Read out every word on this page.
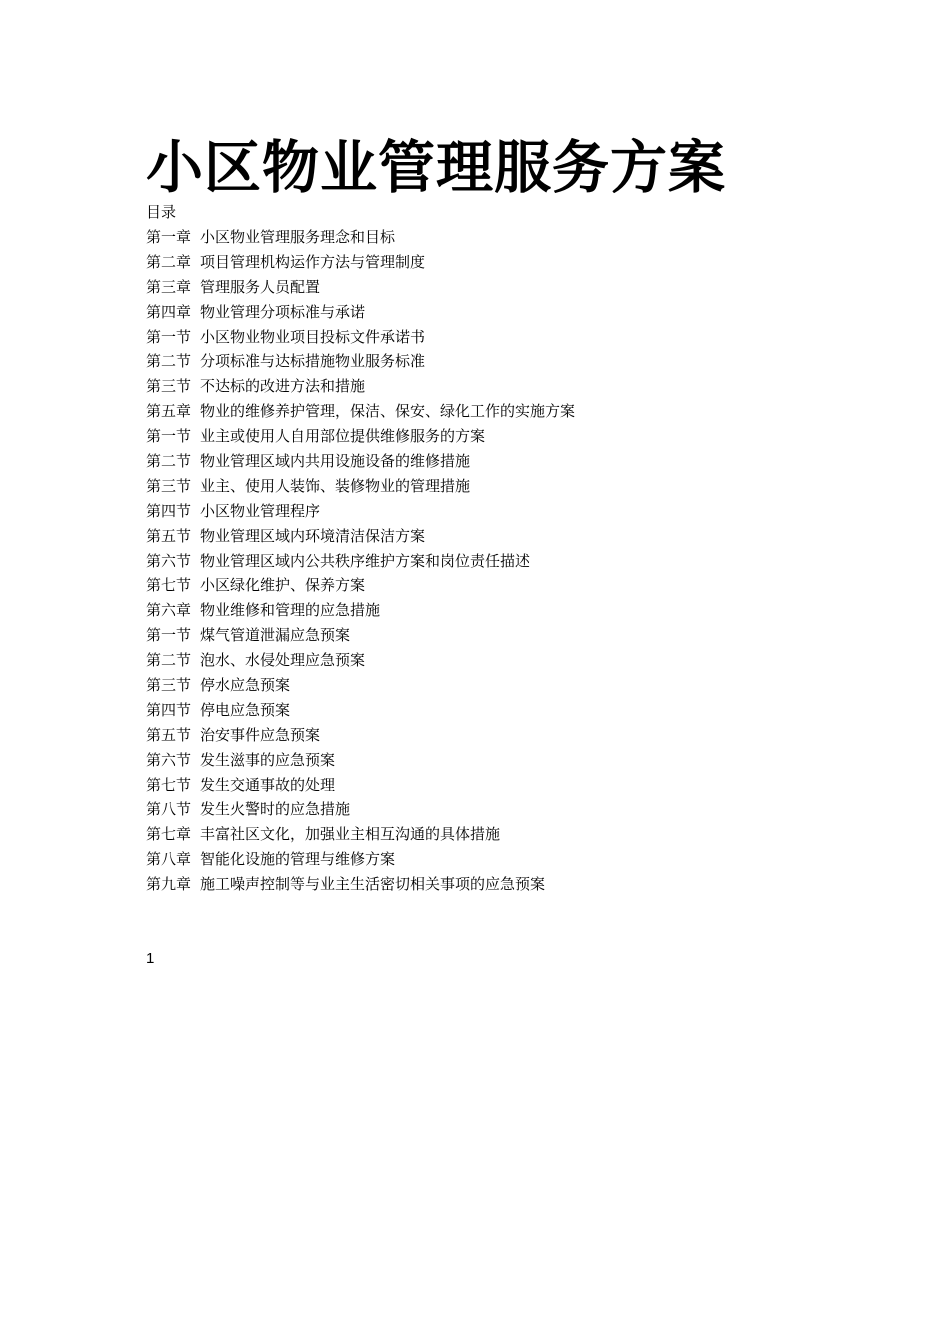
小区物业管理服务方案
目录
第一章 小区物业管理服务理念和目标
第二章 项目管理机构运作方法与管理制度
第三章 管理服务人员配置
第四章 物业管理分项标准与承诺
第一节 小区物业物业项目投标文件承诺书
第二节 分项标准与达标措施物业服务标准
第三节 不达标的改进方法和措施
第五章 物业的维修养护管理，保洁、保安、绿化工作的实施方案
第一节 业主或使用人自用部位提供维修服务的方案
第二节 物业管理区域内共用设施设备的维修措施
第三节 业主、使用人装饰、装修物业的管理措施
第四节 小区物业管理程序
第五节 物业管理区域内环境清洁保洁方案
第六节 物业管理区域内公共秩序维护方案和岗位责任描述
第七节 小区绿化维护、保养方案
第六章 物业维修和管理的应急措施
第一节 煤气管道泄漏应急预案
第二节 泡水、水侵处理应急预案
第三节 停水应急预案
第四节 停电应急预案
第五节 治安事件应急预案
第六节 发生滋事的应急预案
第七节 发生交通事故的处理
第八节 发生火警时的应急措施
第七章 丰富社区文化，加强业主相互沟通的具体措施
第八章 智能化设施的管理与维修方案
第九章 施工噪声控制等与业主生活密切相关事项的应急预案
1
